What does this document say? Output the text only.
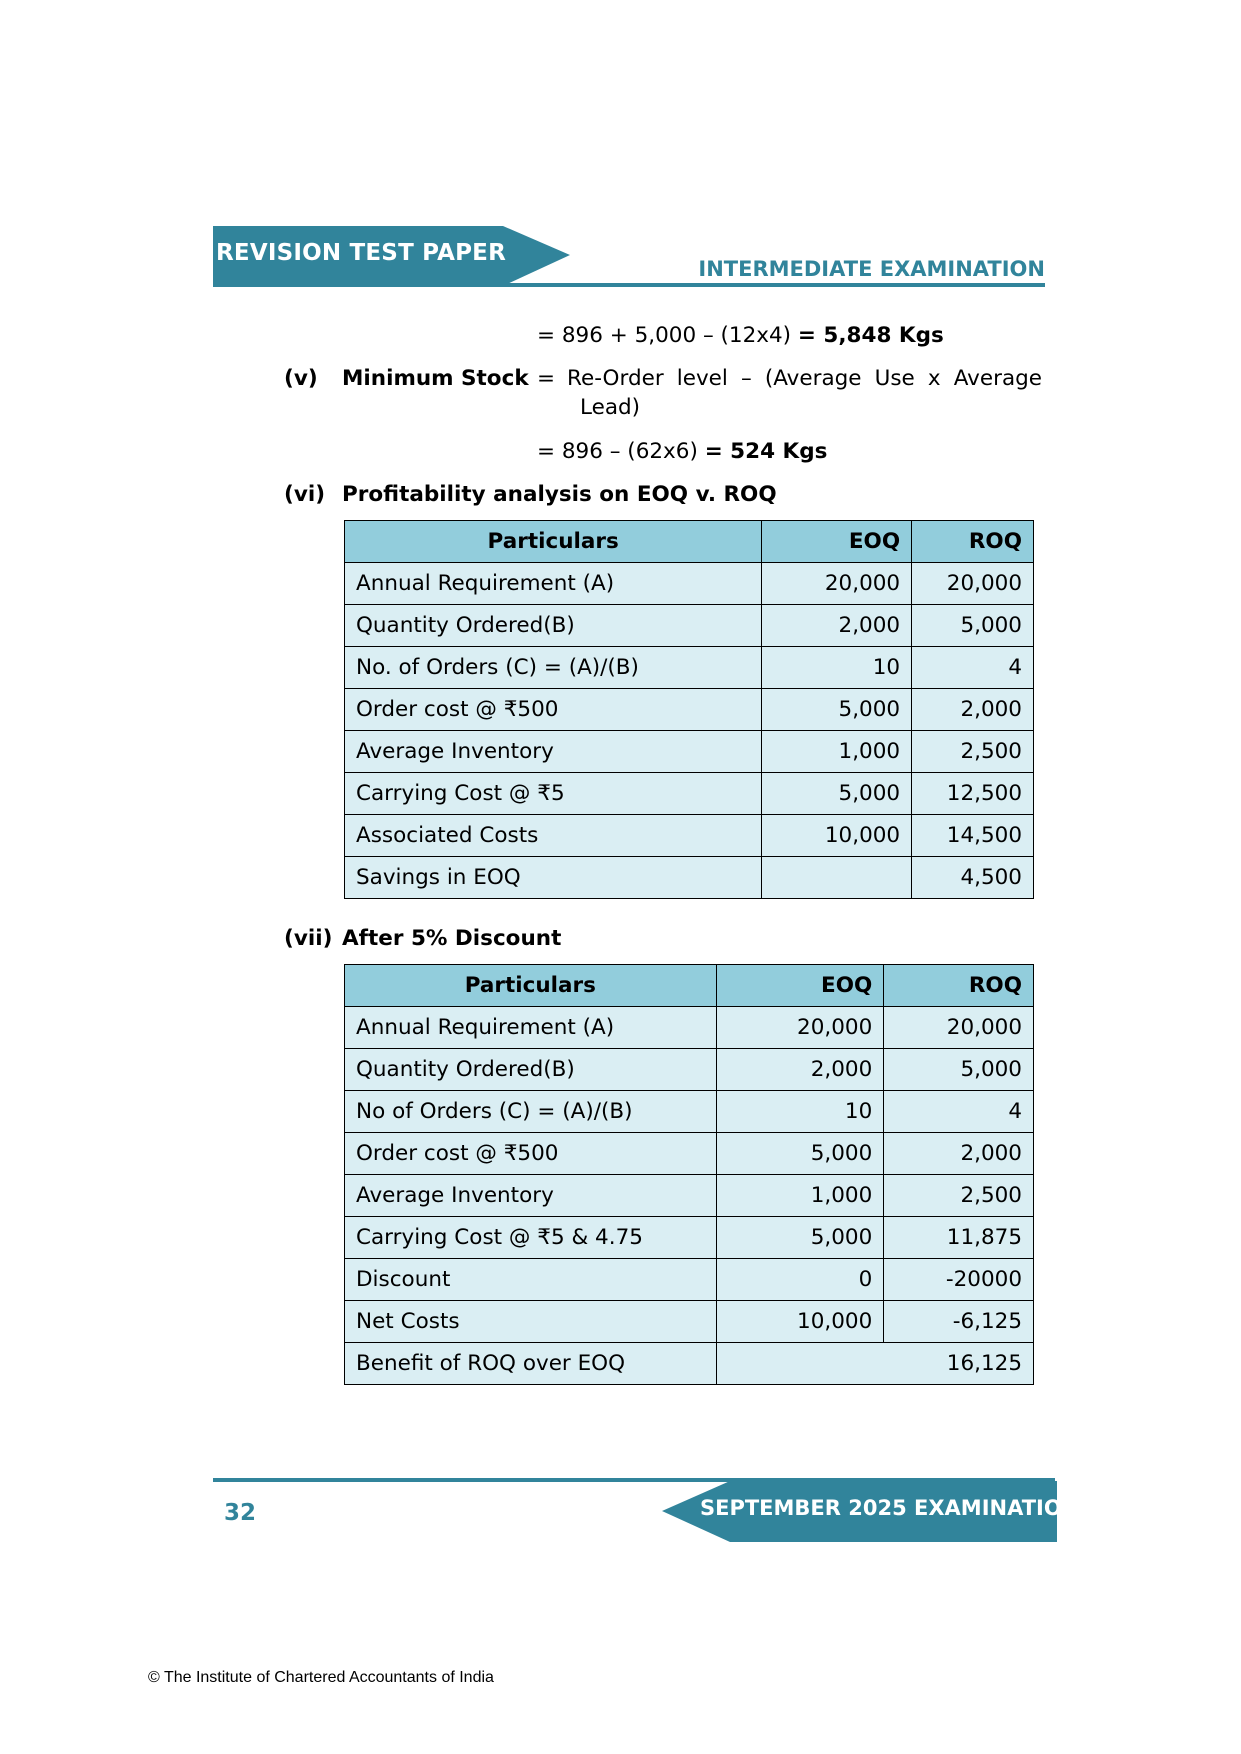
REVISION TEST PAPER
INTERMEDIATE EXAMINATION
= 896 + 5,000 – (12x4) = 5,848 Kgs
(v) Minimum Stock = Re-Order level – (Average Use x Average
Lead)
= 896 – (62x6) = 524 Kgs
(vi) Profitability analysis on EOQ v. ROQ
Particulars	EOQ	ROQ
Annual Requirement (A)	20,000	20,000
Quantity Ordered(B)	2,000	5,000
No. of Orders (C) = (A)/(B)	10	4
Order cost @ ₹500	5,000	2,000
Average Inventory	1,000	2,500
Carrying Cost @ ₹5	5,000	12,500
Associated Costs	10,000	14,500
Savings in EOQ		4,500
(vii) After 5% Discount
Particulars	EOQ	ROQ
Annual Requirement (A)	20,000	20,000
Quantity Ordered(B)	2,000	5,000
No of Orders (C) = (A)/(B)	10	4
Order cost @ ₹500	5,000	2,000
Average Inventory	1,000	2,500
Carrying Cost @ ₹5 & 4.75	5,000	11,875
Discount	0	-20000
Net Costs	10,000	-6,125
Benefit of ROQ over EOQ	16,125	
32	SEPTEMBER 2025 EXAMINATION
© The Institute of Chartered Accountants of India
